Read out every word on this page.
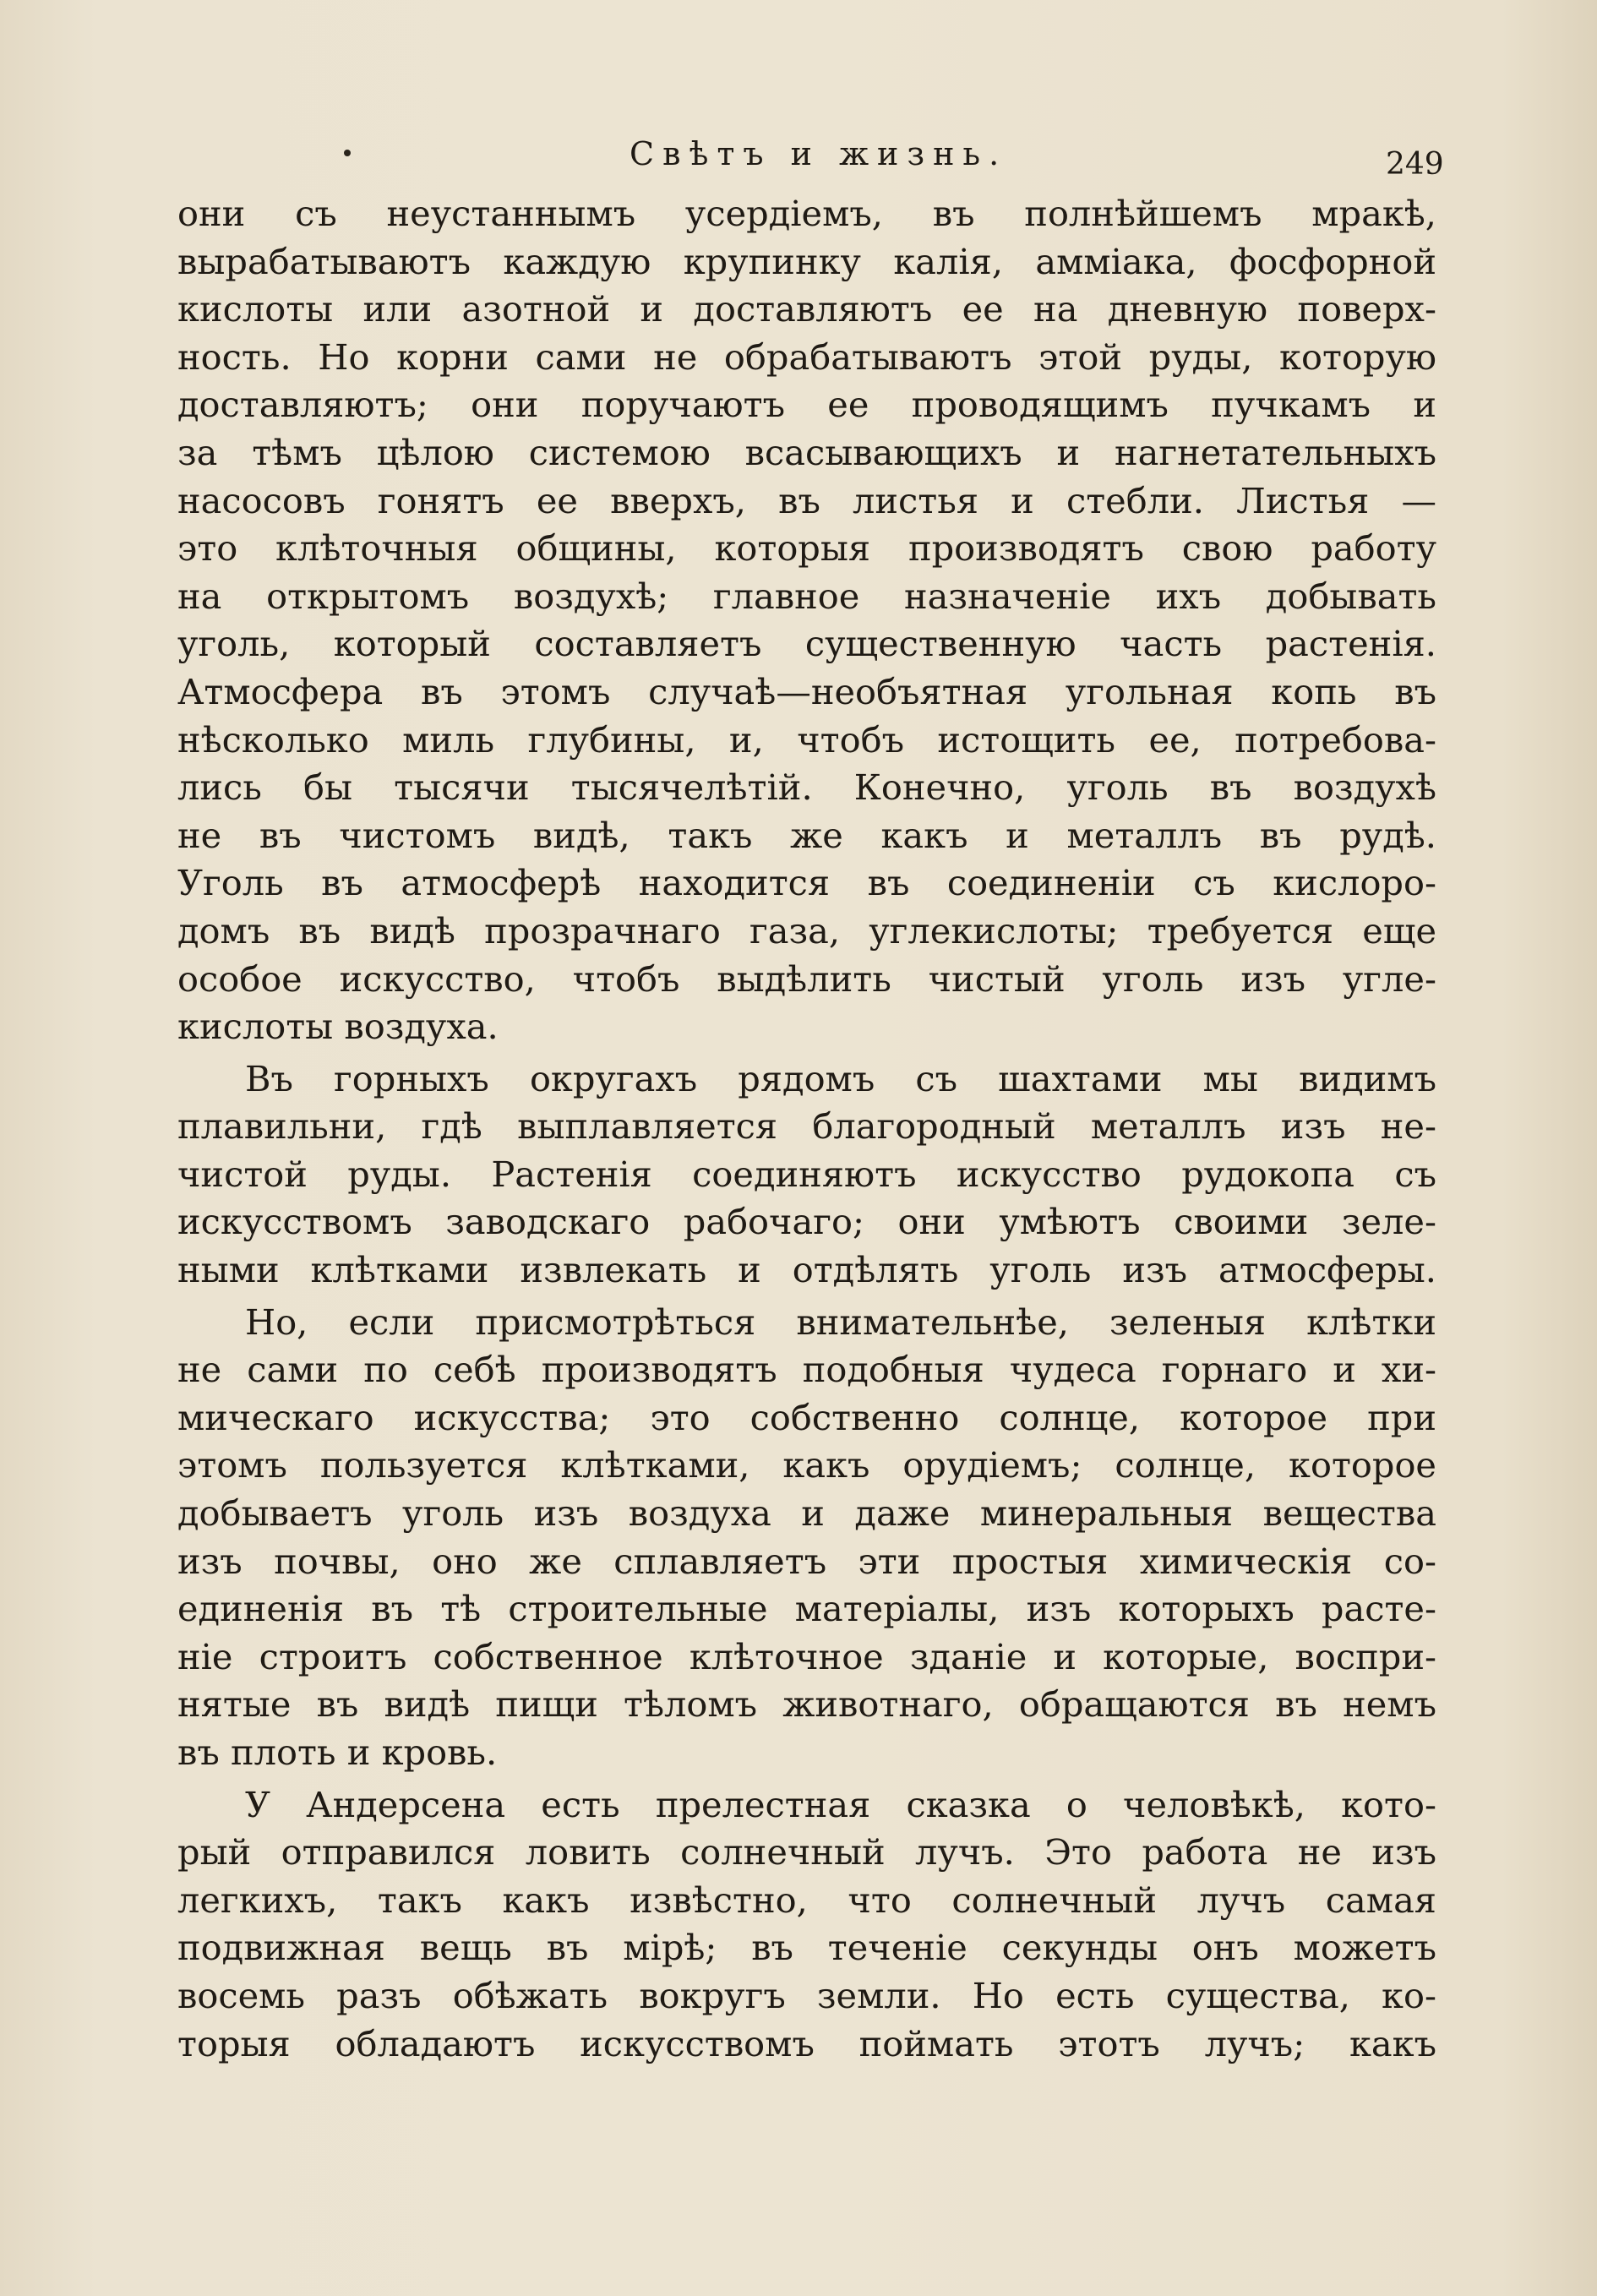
Свѣтъ и жизнь.	249
они съ неустаннымъ усердіемъ, въ полнѣйшемъ мракѣ,
вырабатываютъ каждую крупинку калія, амміака, фосфорной
кислоты или азотной и доставляютъ ее на дневную поверх-
ность. Но корни сами не обрабатываютъ этой руды, которую
доставляютъ; они поручаютъ ее проводящимъ пучкамъ и
за тѣмъ цѣлою системою всасывающихъ и нагнетательныхъ
насосовъ гонятъ ее вверхъ, въ листья и стебли. Листья —
это клѣточныя общины, которыя производятъ свою работу
на открытомъ воздухѣ; главное назначеніе ихъ добывать
уголь, который составляетъ существенную часть растенія.
Атмосфера въ этомъ случаѣ—необъятная угольная копь въ
нѣсколько миль глубины, и, чтобъ истощить ее, потребова-
лись бы тысячи тысячелѣтій. Конечно, уголь въ воздухѣ
не въ чистомъ видѣ, такъ же какъ и металлъ въ рудѣ.
Уголь въ атмосферѣ находится въ соединеніи съ кислоро-
домъ въ видѣ прозрачнаго газа, углекислоты; требуется еще
особое искусство, чтобъ выдѣлить чистый уголь изъ угле-
кислоты воздуха.
Въ горныхъ округахъ рядомъ съ шахтами мы видимъ
плавильни, гдѣ выплавляется благородный металлъ изъ не-
чистой руды. Растенія соединяютъ искусство рудокопа съ
искусствомъ заводскаго рабочаго; они умѣютъ своими зеле-
ными клѣтками извлекать и отдѣлять уголь изъ атмосферы.
Но, если присмотрѣться внимательнѣе, зеленыя клѣтки
не сами по себѣ производятъ подобныя чудеса горнаго и хи-
мическаго искусства; это собственно солнце, которое при
этомъ пользуется клѣтками, какъ орудіемъ; солнце, которое
добываетъ уголь изъ воздуха и даже минеральныя вещества
изъ почвы, оно же сплавляетъ эти простыя химическія со-
единенія въ тѣ строительные матеріалы, изъ которыхъ расте-
ніе строитъ собственное клѣточное зданіе и которые, воспри-
нятые въ видѣ пищи тѣломъ животнаго, обращаются въ немъ
въ плоть и кровь.
У Андерсена есть прелестная сказка о человѣкѣ, кото-
рый отправился ловить солнечный лучъ. Это работа не изъ
легкихъ, такъ какъ извѣстно, что солнечный лучъ самая
подвижная вещь въ мірѣ; въ теченіе секунды онъ можетъ
восемь разъ обѣжать вокругъ земли. Но есть существа, ко-
торыя обладаютъ искусствомъ поймать этотъ лучъ; какъ
